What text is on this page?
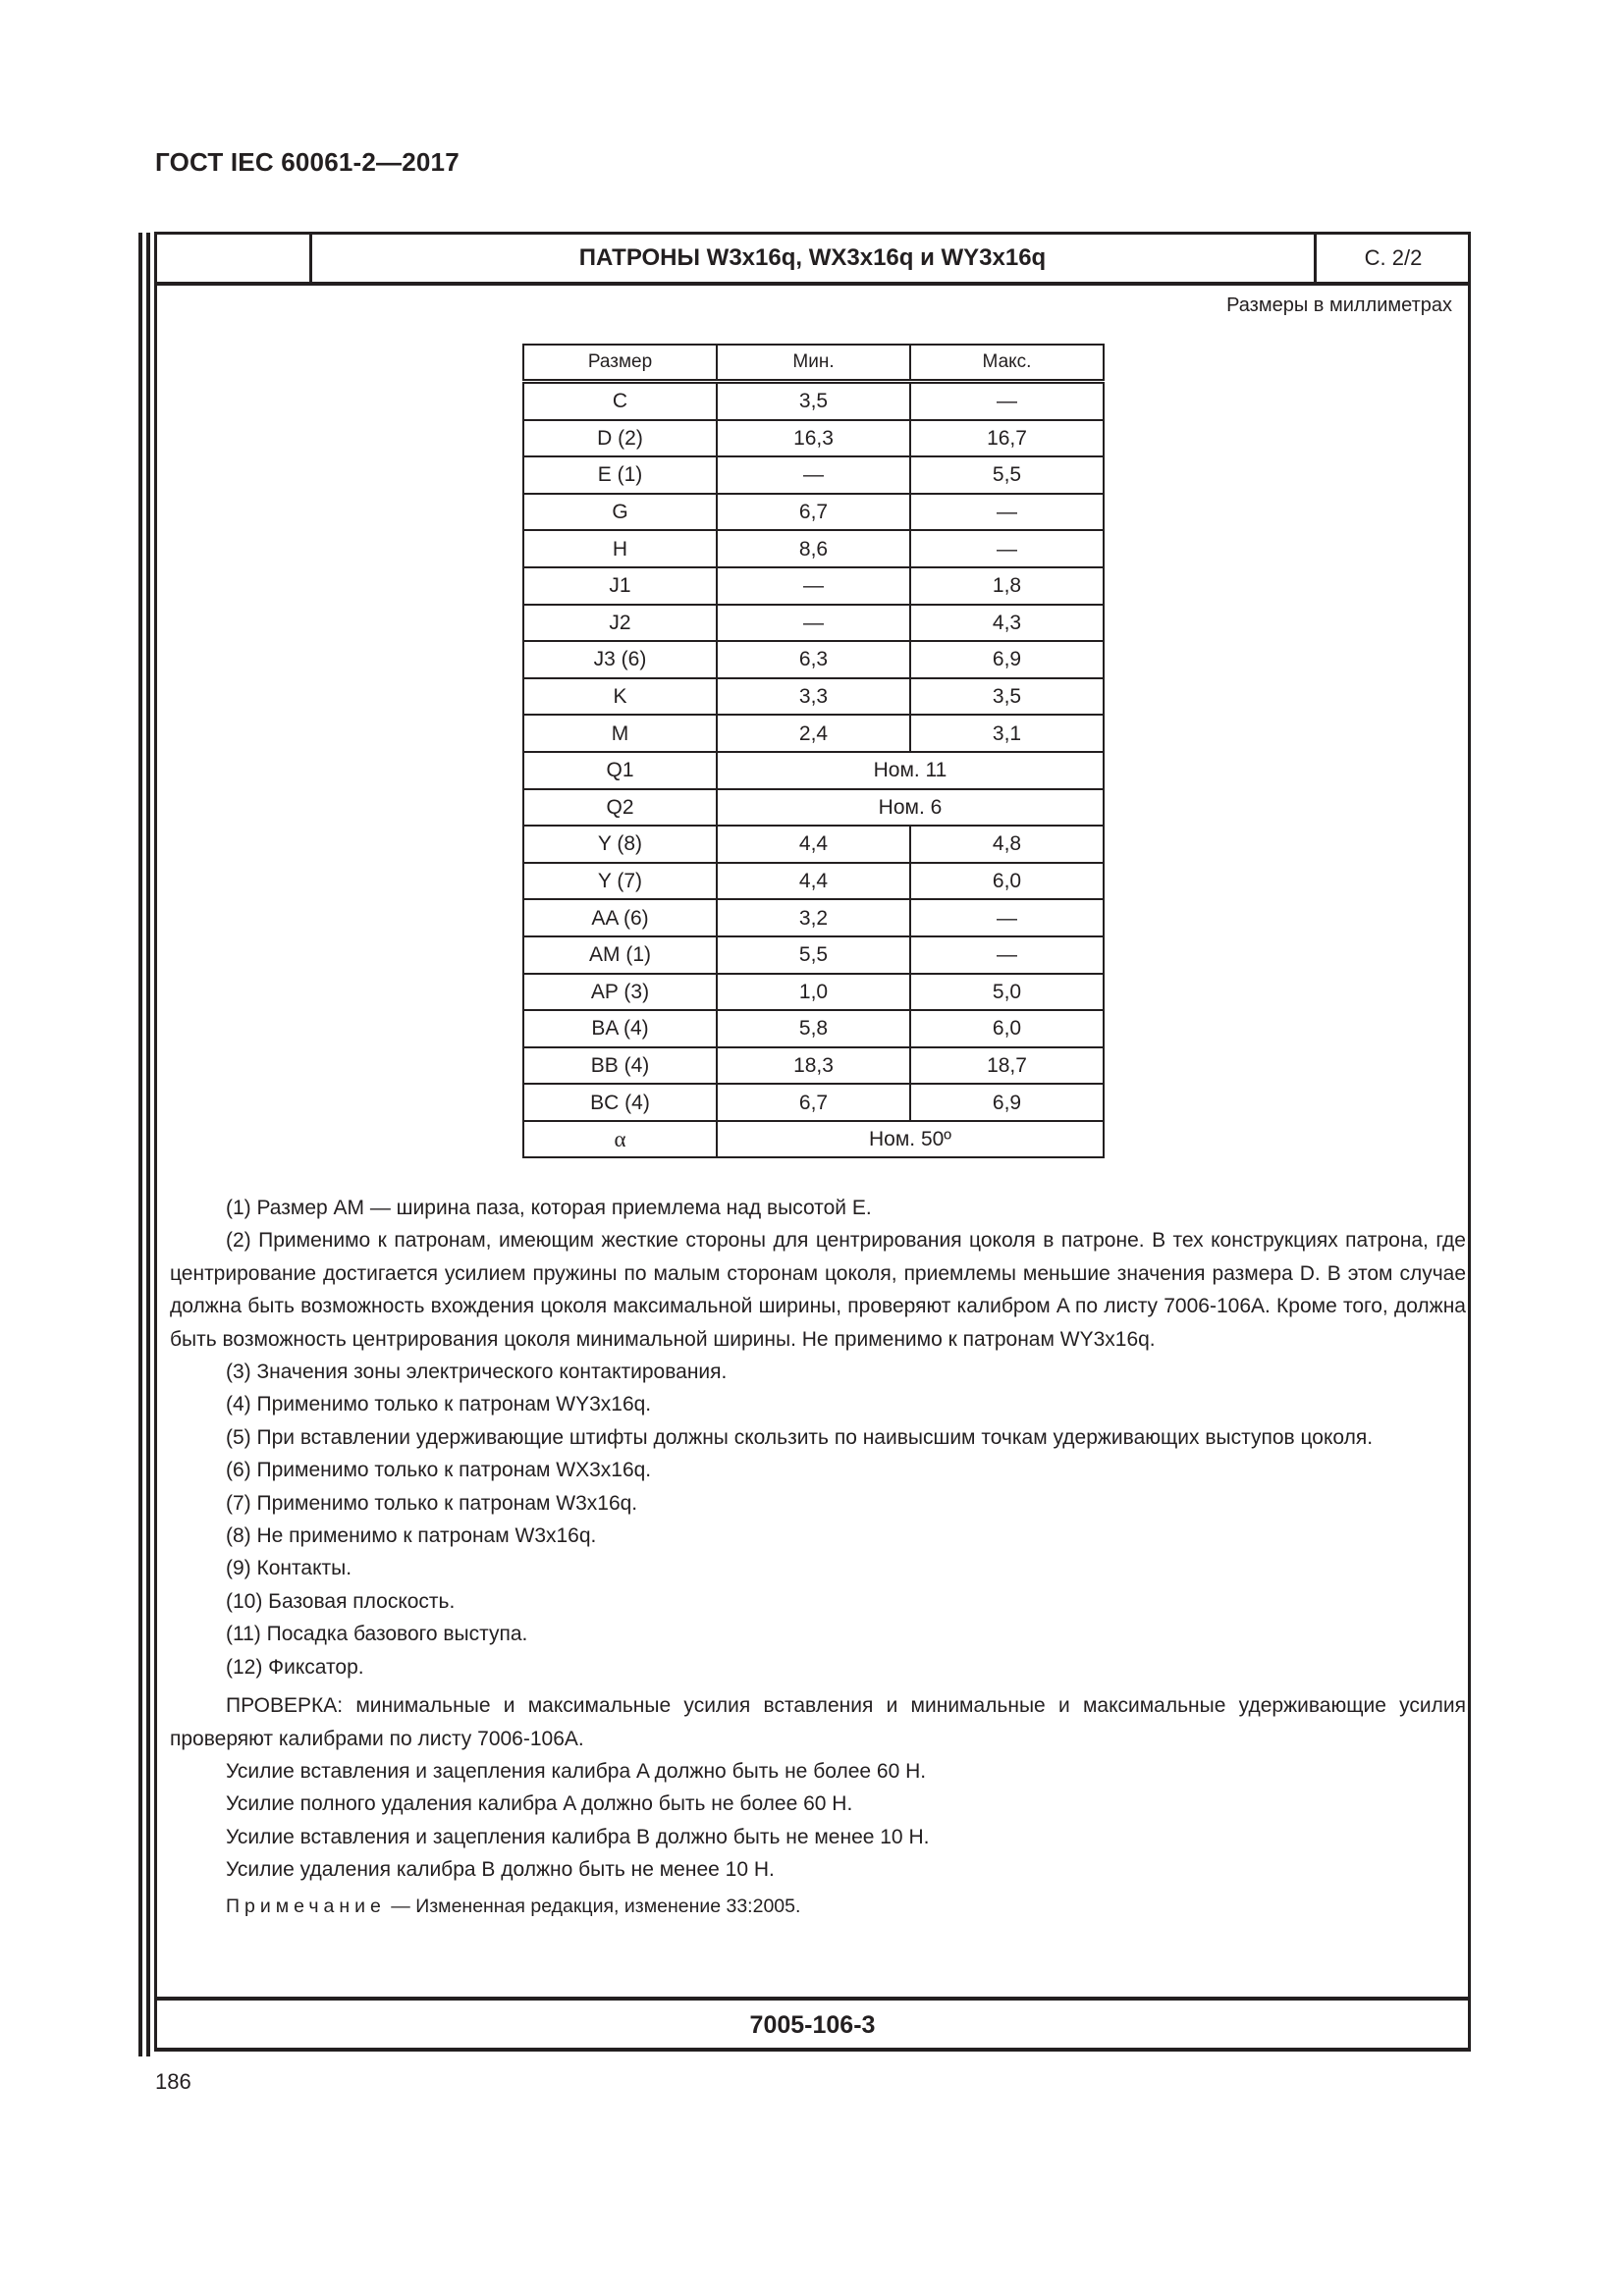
ГОСТ IEC 60061-2—2017
ПАТРОНЫ W3x16q, WX3x16q и WY3x16q	С. 2/2
Размеры в миллиметрах
Размер	Мин.	Макс.
C	3,5	—
D (2)	16,3	16,7
E (1)	—	5,5
G	6,7	—
H	8,6	—
J1	—	1,8
J2	—	4,3
J3 (6)	6,3	6,9
K	3,3	3,5
M	2,4	3,1
Q1	Ном. 11	
Q2	Ном. 6	
Y (8)	4,4	4,8
Y (7)	4,4	6,0
AA (6)	3,2	—
AM (1)	5,5	—
AP (3)	1,0	5,0
BA (4)	5,8	6,0
BB (4)	18,3	18,7
BC (4)	6,7	6,9
α	Ном. 50º	

(1) Размер AM — ширина паза, которая приемлема над высотой E.

(2) Применимо к патронам, имеющим жесткие стороны для центрирования цоколя в патроне. В тех конструкциях патрона, где центрирование достигается усилием пружины по малым сторонам цоколя, приемлемы меньшие значения размера D. В этом случае должна быть возможность вхождения цоколя максимальной ширины, проверяют калибром A по листу 7006-106A. Кроме того, должна быть возможность центрирования цоколя минимальной ширины. Не применимо к патронам WY3x16q.

(3) Значения зоны электрического контактирования.

(4) Применимо только к патронам WY3x16q.

(5) При вставлении удерживающие штифты должны скользить по наивысшим точкам удерживающих выступов цоколя.

(6) Применимо только к патронам WX3x16q.

(7) Применимо только к патронам W3x16q.

(8) Не применимо к патронам W3x16q.

(9) Контакты.

(10) Базовая плоскость.

(11) Посадка базового выступа.

(12) Фиксатор.

ПРОВЕРКА: минимальные и максимальные усилия вставления и минимальные и максимальные удерживающие усилия проверяют калибрами по листу 7006-106A.

Усилие вставления и зацепления калибра A должно быть не более 60 Н.

Усилие полного удаления калибра A должно быть не более 60 Н.

Усилие вставления и зацепления калибра B должно быть не менее 10 Н.

Усилие удаления калибра B должно быть не менее 10 Н.

Примечание — Измененная редакция, изменение 33:2005.

7005-106-3
186
